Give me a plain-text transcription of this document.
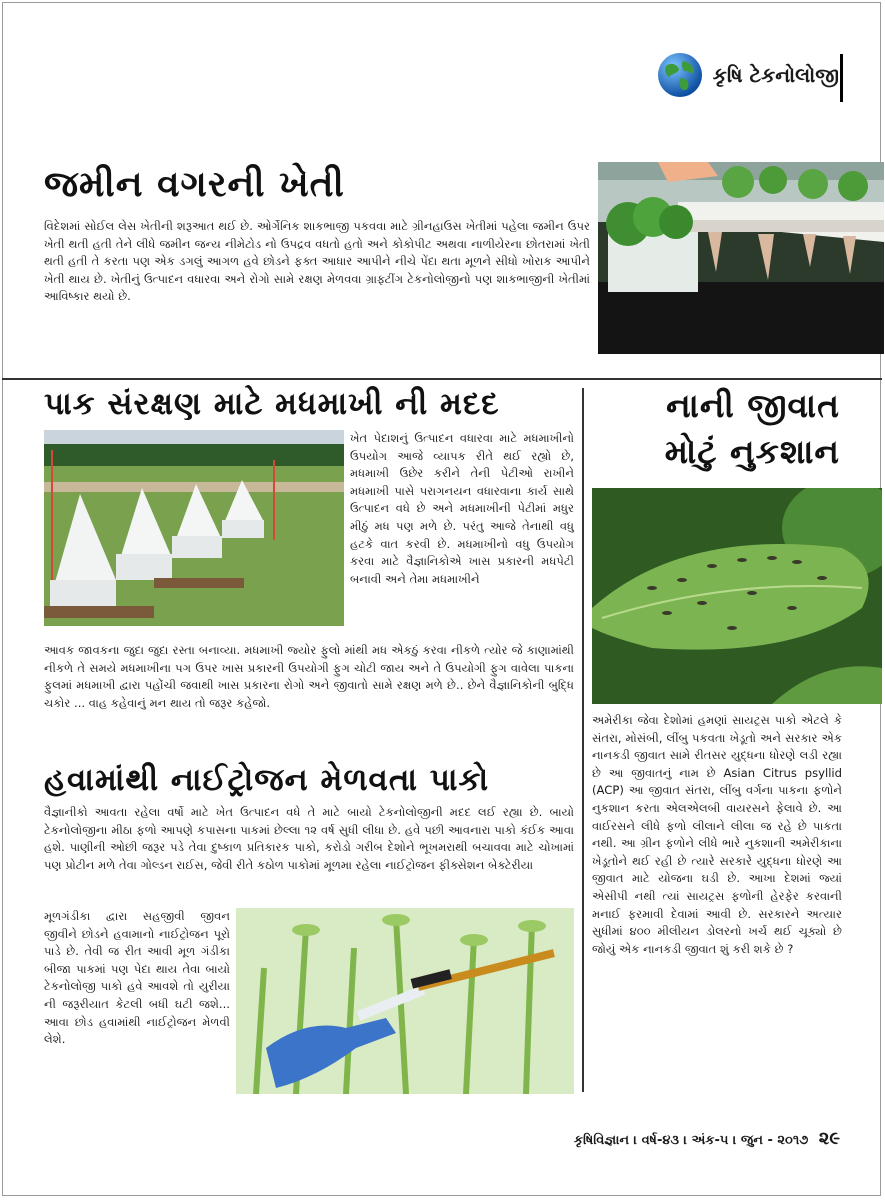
કૃષિ ટેકનોલોજી
જમીન વગરની ખેતી

વિદેશમાં સોઈલ લેસ ખેતીની શરૂઆત થઈ છે. ઓર્ગેનિક શાકભાજી પકવવા માટે ગ્રીનહાઉસ ખેતીમાં પહેલા જમીન ઉપર ખેતી થતી હતી તેને લીધે જમીન જન્ય નીમેટોડ નો ઉપદ્રવ વધતો હતો અને કોકોપીટ અથવા નાળીયેરના છોતરામાં ખેતી થતી હતી તે કરતા પણ એક ડગલું આગળ હવે છોડને ફક્ત આધાર આપીને નીચે પેંદા થતા મૂળને સીધો ખોરાક આપીને ખેતી થાય છે. ખેતીનું ઉત્પાદન વધારવા અને રોગો સામે રક્ષણ મેળવવા ગ્રાફ્ટીંગ ટેકનોલોજીનો પણ શાકભાજીની ખેતીમાં આવિષ્કાર થયો છે.

પાક સંરક્ષણ માટે મધમાખી ની મદદ

ખેત પેદાશનું ઉત્પાદન વધારવા માટે મધમાખીનો ઉપયોગ આજે વ્યાપક રીતે થઈ રહ્યો છે, મધમાખી ઉછેર કરીને તેની પેટીઓ રાખીને મધમાખી પાસે પરાગનયન વધારવાના કાર્ય સાથે ઉત્પાદન વધે છે અને મધમાખીની પેટીમાં મધુર મીઠું મધ પણ મળે છે. પરંતુ આજે તેનાથી વધુ હટકે વાત કરવી છે. મધમાખીનો વધુ ઉપયોગ કરવા માટે વૈજ્ઞાનિકોએ ખાસ પ્રકારની મધપેટી બનાવી અને તેમા મધમાખીને

આવક જાવકના જુદા જુદા રસ્તા બનાવ્યા. મધમાખી જ્યોર ફુલો માંથી મધ એકઠું કરવા નીકળે ત્યોર જે કાણામાંથી નીકળે તે સમયે મધમાખીના પગ ઉપર ખાસ પ્રકારની ઉપયોગી ફુગ ચોટી જાય અને તે ઉપયોગી ફુગ વાવેલા પાકના ફુલમાં મધમાખી દ્વારા પહોંચી જવાથી ખાસ પ્રકારના રોગો અને જીવાતો સામે રક્ષણ મળે છે.. છેને વૈજ્ઞાનિકોની બુદ્ધિ ચકોર ... વાહ કહેવાનું મન થાય તો જરૂર કહેજો.

હવામાંથી નાઈટ્રોજન મેળવતા પાકો

વૈજ્ઞાનીકો આવતા રહેલા વર્ષો માટે ખેત ઉત્પાદન વધે તે માટે બાયો ટેકનોલોજીની મદદ લઈ રહ્યા છે. બાયો ટેકનોલોજીના મીઠા ફળો આપણે કપાસના પાકમાં છેલ્લા ૧૨ વર્ષ સુધી લીધા છે. હવે પછી આવનારા પાકો કંઈક આવા હશે. પાણીની ઓછી જરૂર પડે તેવા દુષ્કાળ પ્રતિકારક પાકો, કરોડો ગરીબ દેશોને ભૂખમરાથી બચાવવા માટે ચોખામાં પણ પ્રોટીન મળે તેવા ગોલ્ડન રાઈસ, જેવી રીતે કઠોળ પાકોમાં મૂળમા રહેલા નાઈટ્રોજન ફીક્સેશન બેક્ટેરીયા

મૂળગંડીકા દ્વારા સહજીવી જીવન જીવીને છોડને હવામાનો નાઈટ્રોજન પૂરો પાડે છે. તેવી જ રીત આવી મૂળ ગંડીકા બીજા પાકમાં પણ પેદા થાય તેવા બાયો ટેકનોલોજી પાકો હવે આવશે તો યુરીયા ની જરૂરીયાત કેટલી બધી ઘટી જશે... આવા છોડ હવામાંથી નાઈટ્રોજન મેળવી લેશે.

નાની જીવાત
મોટું નુકશાન

અમેરીકા જેવા દેશોમાં હમણાં સાયટ્રસ પાકો એટલે કે સંતરા, મોસંબી, લીંબુ પકવતા ખેડૂતો અને સરકાર એક નાનકડી જીવાત સામે રીતસર યુદ્ધના ધોરણે લડી રહ્યા છે આ જીવાતનું નામ છે Asian Citrus psyllid (ACP) આ જીવાત સંતરા, લીંબુ વર્ગના પાકના ફળોને નુકશાન કરતા એલએલબી વાયરસને ફેલાવે છે. આ વાઈરસને લીધે ફળો લીલાને લીલા જ રહે છે પાકતા નથી. આ ગ્રીન ફળોને લીધે ભારે નુકશાની અમેરીકાના ખેડૂતોને થઈ રહી છે ત્યારે સરકારે યુદ્ધના ધોરણે આ જીવાત માટે યોજના ઘડી છે. આખા દેશમાં જ્યાં એસીપી નથી ત્યાં સાયટ્રસ ફળોની હેરફેર કરવાની મનાઈ ફરમાવી દેવામાં આવી છે. સરકારને અત્યાર સુધીમાં ૪૦૦ મીલીયન ડોલરનો ખર્ચ થઈ ચૂક્યો છે જોયું એક નાનકડી જીવાત શું કરી શકે છે ?

કૃષિવિજ્ઞાન । વર્ષ-૪૩ । અંક-૫ । જુન - ૨૦૧૭ ૨૯
